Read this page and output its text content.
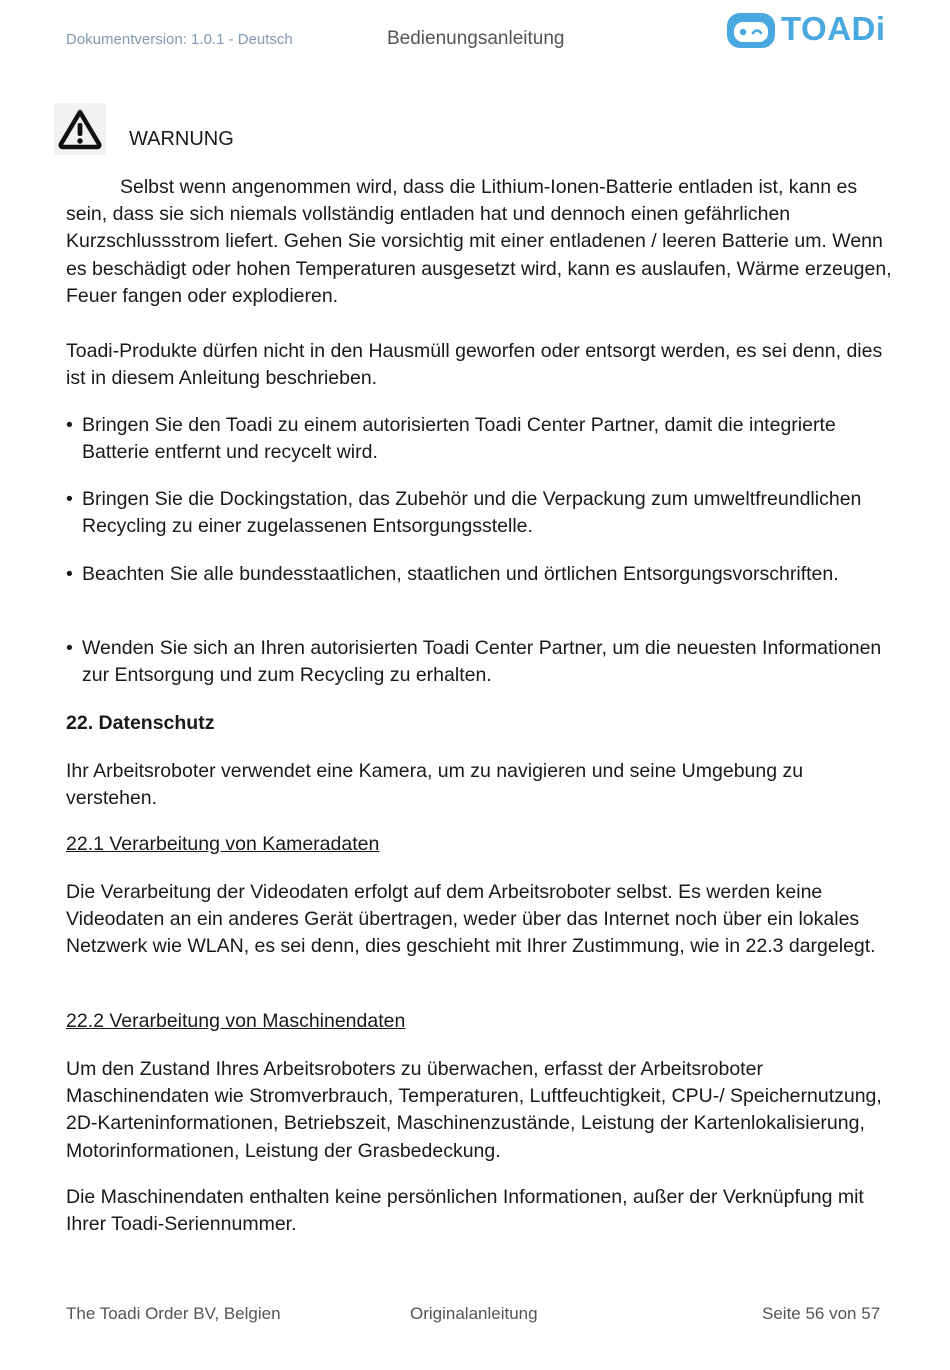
Dokumentversion: 1.0.1 - Deutsch	Bedienungsanleitung	TOADi
WARNUNG

Selbst wenn angenommen wird, dass die Lithium-Ionen-Batterie entladen ist, kann es sein, dass sie sich niemals vollständig entladen hat und dennoch einen gefährlichen Kurzschlussstrom liefert. Gehen Sie vorsichtig mit einer entladenen / leeren Batterie um. Wenn es beschädigt oder hohen Temperaturen ausgesetzt wird, kann es auslaufen, Wärme erzeugen, Feuer fangen oder explodieren.

Toadi-Produkte dürfen nicht in den Hausmüll geworfen oder entsorgt werden, es sei denn, dies ist in diesem Anleitung beschrieben.

• Bringen Sie den Toadi zu einem autorisierten Toadi Center Partner, damit die integrierte Batterie entfernt und recycelt wird.
• Bringen Sie die Dockingstation, das Zubehör und die Verpackung zum umweltfreundlichen Recycling zu einer zugelassenen Entsorgungsstelle.
• Beachten Sie alle bundesstaatlichen, staatlichen und örtlichen Entsorgungsvorschriften.
• Wenden Sie sich an Ihren autorisierten Toadi Center Partner, um die neuesten Informationen zur Entsorgung und zum Recycling zu erhalten.
22. Datenschutz

Ihr Arbeitsroboter verwendet eine Kamera, um zu navigieren und seine Umgebung zu verstehen.

22.1 Verarbeitung von Kameradaten

Die Verarbeitung der Videodaten erfolgt auf dem Arbeitsroboter selbst. Es werden keine Videodaten an ein anderes Gerät übertragen, weder über das Internet noch über ein lokales Netzwerk wie WLAN, es sei denn, dies geschieht mit Ihrer Zustimmung, wie in 22.3 dargelegt.

22.2 Verarbeitung von Maschinendaten

Um den Zustand Ihres Arbeitsroboters zu überwachen, erfasst der Arbeitsroboter Maschinendaten wie Stromverbrauch, Temperaturen, Luftfeuchtigkeit, CPU-/ Speichernutzung, 2D-Karteninformationen, Betriebszeit, Maschinenzustände, Leistung der Kartenlokalisierung, Motorinformationen, Leistung der Grasbedeckung.

Die Maschinendaten enthalten keine persönlichen Informationen, außer der Verknüpfung mit Ihrer Toadi-Seriennummer.

The Toadi Order BV, Belgien	Originalanleitung	Seite 56 von 57
